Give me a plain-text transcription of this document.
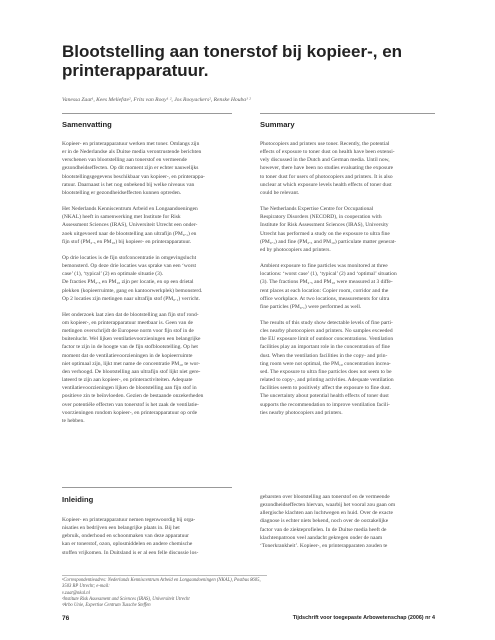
Blootstelling aan tonerstof bij kopieer-, en printerapparatuur.
Vanessa Zaat¹, Kees Meliefste², Frits van Rooy¹ ², Jos Rooyackers², Renske Houba¹ ²
Samenvatting	Summary

Kopieer- en printerapparatuur werken met toner. Omlangs zijn
er in de Nederlandse als Duitse media verontrustende berichten
verschenen van blootstelling aan tonerstof en vermeende
gezondheidseffecten. Op dit moment zijn er echter nauwelijks
blootstellingsgegevens beschikbaar van kopieer-, en printerappa-
ratuur. Daarnaast is het nog onbekend bij welke niveaus van
blootstelling er gezondheidseffecten kunnen optreden.

Het Nederlands Kenniscentrum Arbeid en Longaandoeningen
(NKAL) heeft in samenwerking met Institute for Risk
Assessment Sciences (IRAS), Universiteit Utrecht een onder-
zoek uitgevoerd naar de blootstelling aan ultrafijn (PM₀.₁) en
fijn stof (PM₂.₅ en PM₁₀) bij kopieer- en printerapparatuur.

Op drie locaties is de fijn stofconcentratie in omgevingslucht
bemonsterd. Op deze drie locaties was sprake van een ‘worst
case’ (1), ‘typical’ (2) en optimale situatie (3).
De fracties PM₂.₅ en PM₁₀ zijn per locatie, en op een drietal
plekken (kopieerruimte, gang en kantoorwerkplek) bemonsterd.
Op 2 locaties zijn metingen naar ultrafijn stof (PM₀.₁) verricht.

Het onderzoek laat zien dat de blootstelling aan fijn stof rond-
om kopieer-, en printerapparatuur meetbaar is. Geen van de
metingen overschrijdt de Europese norm voor fijn stof in de
buitenlucht. Wel lijken ventilatievoorzieningen een belangrijke
factor te zijn in de hoogte van de fijn stofblootstelling. Op het
moment dat de ventilatievoorzieningen in de kopieerruimte
niet optimaal zijn, lijkt met name de concentratie PM₁₀ te wor-
den verhoogd. De blootstelling aan ultrafijn stof lijkt niet gere-
lateerd te zijn aan kopieer-, en printeractiviteiten. Adequate
ventilatievoorzieningen lijken de blootstelling aan fijn stof in
positieve zin te beïnvloeden. Gezien de bestaande onzekerheden
over potentiële effecten van tonerstof is het zaak de ventilatie-
voorzieningen rondom kopieer-, en printerapparatuur op orde
te hebben.

Photocopiers and printers use toner. Recently, the potential
effects of exposure to toner dust on health have been extensi-
vely discussed in the Dutch and German media. Until now,
however, there have been no studies evaluating the exposure
to toner dust for users of photocopiers and printers. It is also
unclear at which exposure levels health effects of toner dust
could be relevant.

The Netherlands Expertise Centre for Occupational
Respiratory Disorders (NECORD), in cooperation with
Institute for Risk Assessment Sciences (IRAS), University
Utrecht has performed a study on the exposure to ultra fine
(PM₀.₁) and fine (PM₂.₅ and PM₁₀) particulate matter generat-
ed by photocopiers and printers.

Ambient exposure to fine particles was monitored at three
locations: ‘worst case’ (1), ‘typical’ (2) and ‘optimal’ situation
(3). The fractions PM₂.₅ and PM₁₀ were measured at 3 diffe-
rent places at each location: Copier room, corridor and the
office workplace. At two locations, measurements for ultra
fine particles (PM₀.₁) were performed as well.

The results of this study show detectable levels of fine parti-
cles nearby photocopiers and printers. No samples exceeded
the EU exposure limit of outdoor concentrations. Ventilation
facilities play an important role in the concentration of fine
dust. When the ventilation facilities in the copy- and prin-
ting room were not optimal, the PM₁₀ concentration increa-
sed. The exposure to ultra fine particles does not seem to be
related to copy-, and printing activities. Adequate ventilation
facilities seem to positively affect the exposure to fine dust.
The uncertainty about potential health effects of toner dust
supports the recommendation to improve ventilation facili-
ties nearby photocopiers and printers.

Inleiding

Kopieer- en printerapparatuur nemen tegenwoordig bij orga-
nisaties en bedrijven een belangrijke plaats in. Bij het
gebruik, onderhoud en schoonmaken van deze apparatuur
kan er tonerstof, ozon, oplosmiddelen en andere chemische
stoffen vrijkomen. In Duitsland is er al een felle discussie los-

gebarsten over blootstelling aan tonerstof en de vermeende
gezondheidseffecten hiervan, waarbij het vooral zou gaan om
allergische klachten aan luchtwegen en huid. Over de exacte
diagnose is echter niets bekend, noch over de oorzakelijke
factor van de ziekteprofielen. In de Duitse media heeft de
klachtenpatroon veel aandacht gekregen onder de naam
‘Tonerkrankheit’. Kopieer-, en printerapparaten zouden te

¹Correspondentieadres: Nederlands Kenniscentrum Arbeid en Longaandoeningen (NKAL), Postbus 8605, 3503 RP Utrecht; e-mail:
v.zaat@nkal.nl
²Institute Risk Assessment and Sciences (IRAS), Universiteit Utrecht
³Arbo Unie, Expertise Centrum Tussche Steffen
76	Tijdschrift voor toegepaste Arbowetenschap (2006) nr 4
